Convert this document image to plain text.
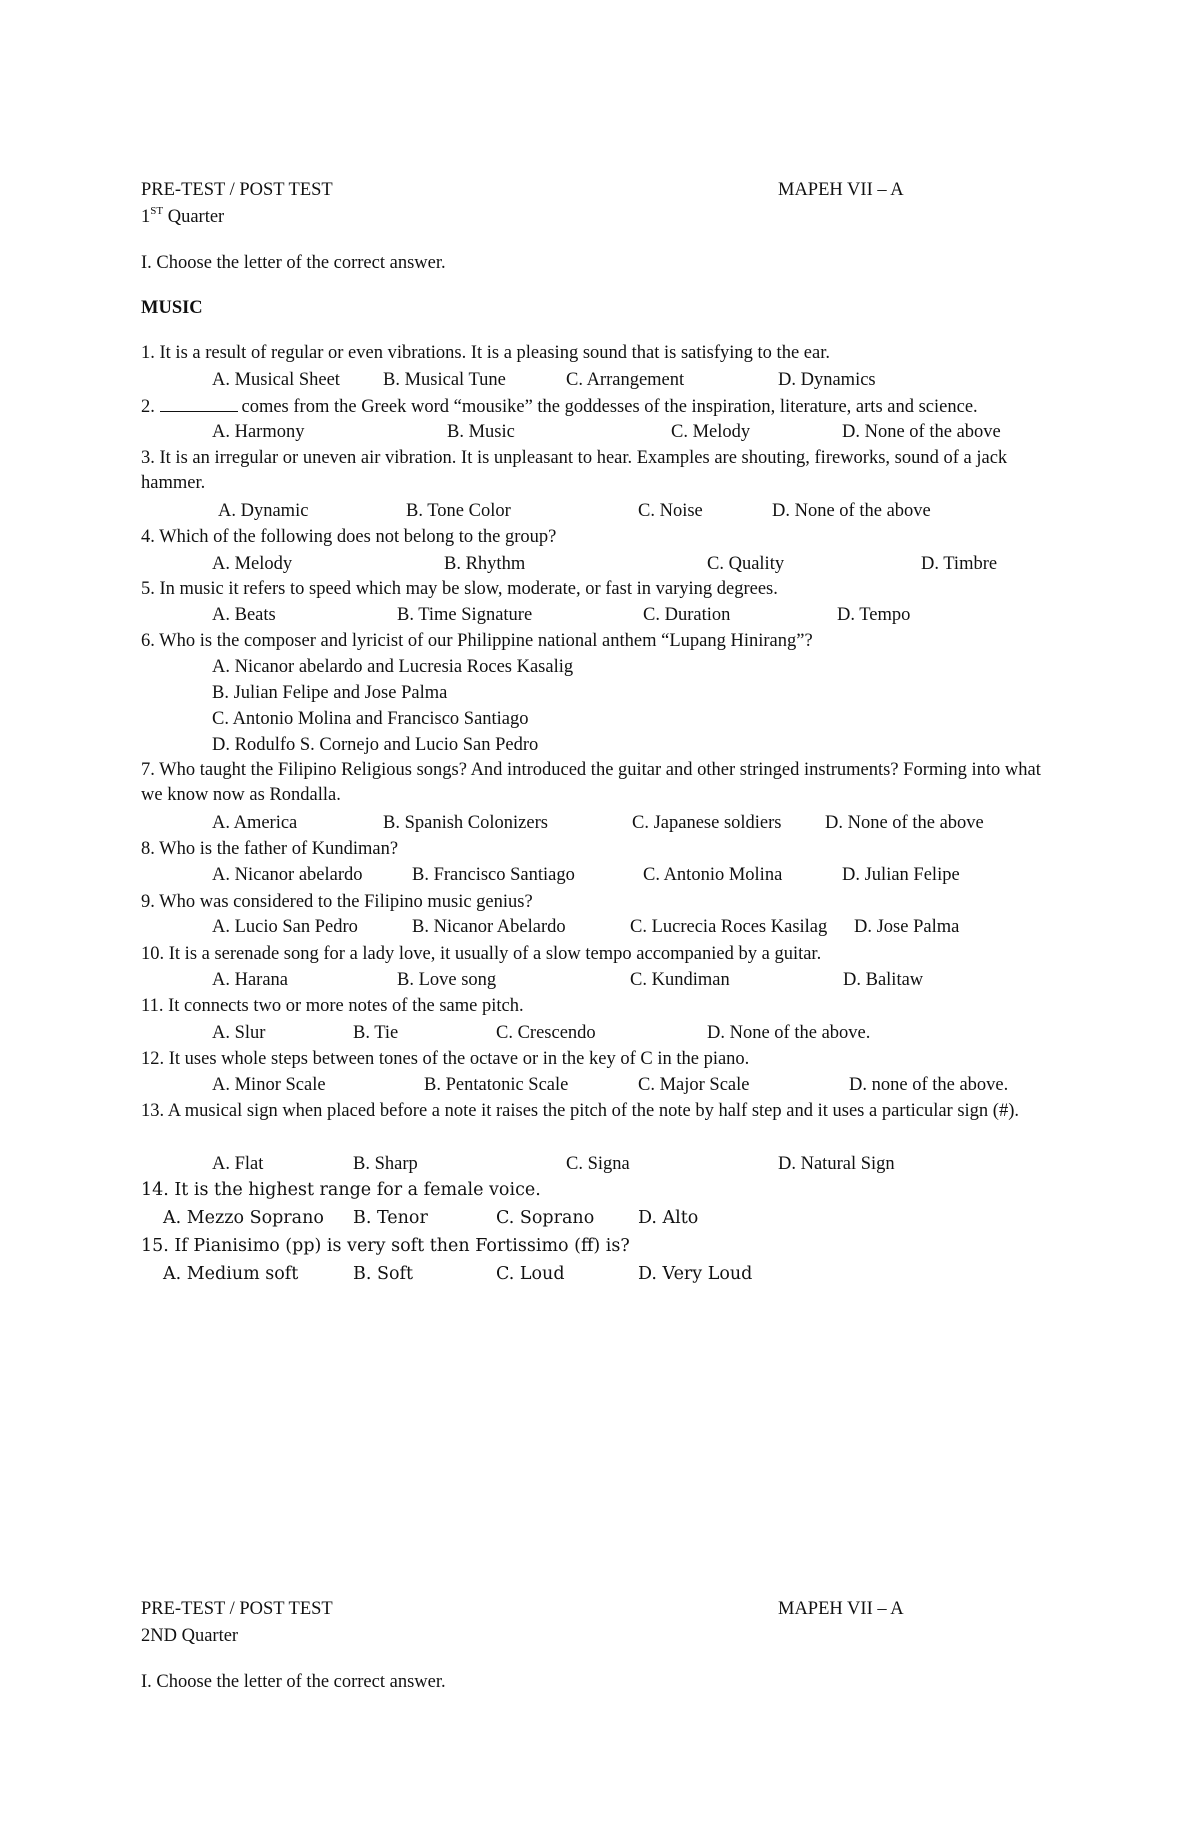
PRE-TEST / POST TEST	MAPEH VII – A
1ST Quarter
I. Choose the letter of the correct answer.
MUSIC
1. It is a result of regular or even vibrations. It is a pleasing sound that is satisfying to the ear.
A. Musical Sheet B. Musical Tune	C. Arrangement	D. Dynamics
2.	comes from the Greek word “mousike” the goddesses of the inspiration, literature, arts and science.
A. Harmony	B. Music	C. Melody	D. None of the above
3. It is an irregular or uneven air vibration. It is unpleasant to hear. Examples are shouting, fireworks, sound of a jack hammer.
A. Dynamic	B. Tone Color	C. Noise	D. None of the above
4. Which of the following does not belong to the group?
A. Melody	B. Rhythm	C. Quality	D. Timbre
5. In music it refers to speed which may be slow, moderate, or fast in varying degrees.
A. Beats	B. Time Signature	C. Duration	D. Tempo
6. Who is the composer and lyricist of our Philippine national anthem “Lupang Hinirang”?
A. Nicanor abelardo and Lucresia Roces Kasalig
B. Julian Felipe and Jose Palma
C. Antonio Molina and Francisco Santiago
D. Rodulfo S. Cornejo and Lucio San Pedro
7. Who taught the Filipino Religious songs? And introduced the guitar and other stringed instruments? Forming into what we know now as Rondalla.
A. America	B. Spanish Colonizers	C. Japanese soldiers D. None of the above
8. Who is the father of Kundiman?
A. Nicanor abelardo	B. Francisco Santiago	C. Antonio Molina	D. Julian Felipe
9. Who was considered to the Filipino music genius?
A. Lucio San Pedro	B. Nicanor Abelardo	C. Lucrecia Roces Kasilag D. Jose Palma
10. It is a serenade song for a lady love, it usually of a slow tempo accompanied by a guitar.
A. Harana	B. Love song	C. Kundiman	D. Balitaw
11. It connects two or more notes of the same pitch.
A. Slur	B. Tie	C. Crescendo	D. None of the above.
12. It uses whole steps between tones of the octave or in the key of C in the piano.
A. Minor Scale	B. Pentatonic Scale	C. Major Scale	D. none of the above.
13. A musical sign when placed before a note it raises the pitch of the note by half step and it uses a particular sign (#).
A. Flat	B. Sharp	C. Signa	D. Natural Sign
14. It is the highest range for a female voice.
A. Mezzo Soprano B. Tenor	C. Soprano	D. Alto
15. If Pianisimo (pp) is very soft then Fortissimo (ff) is?
A. Medium soft	B. Soft	C. Loud	D. Very Loud
PRE-TEST / POST TEST	MAPEH VII – A
2ND Quarter
I. Choose the letter of the correct answer.
